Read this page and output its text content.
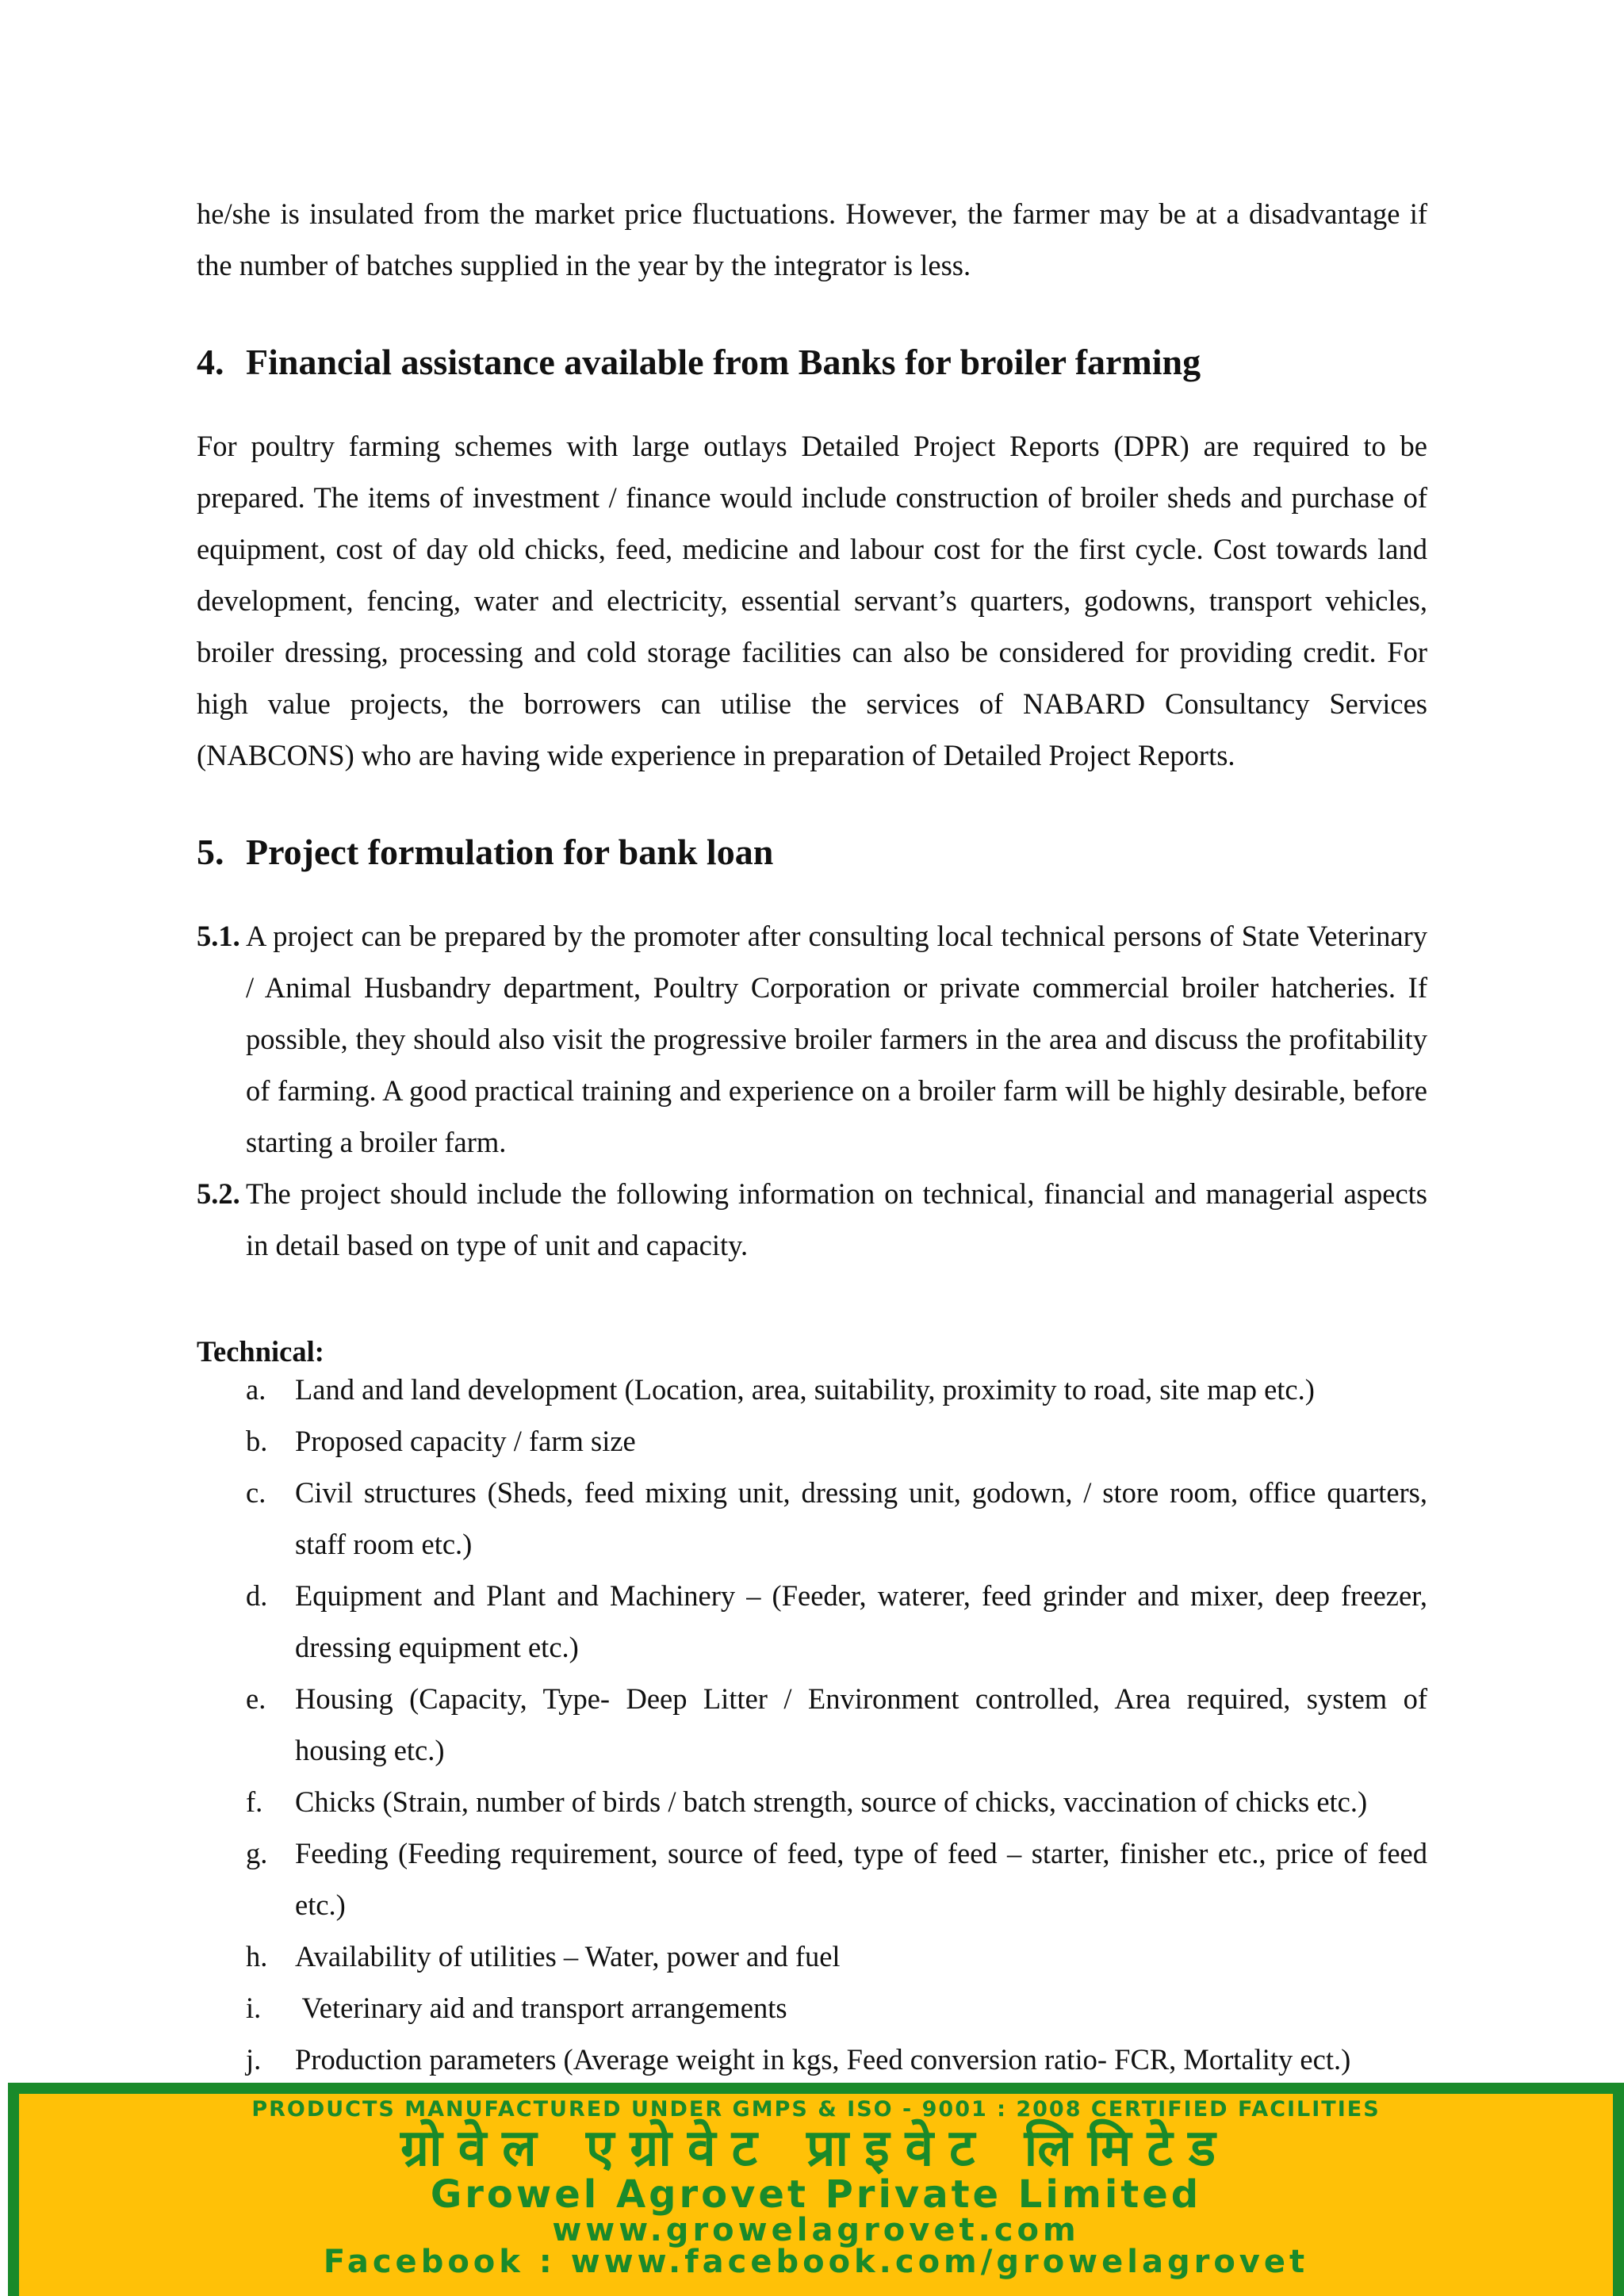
he/she is insulated from the market price fluctuations. However, the farmer may be at a disadvantage if the number of batches supplied in the year by the integrator is less.

4. Financial assistance available from Banks for broiler farming

For poultry farming schemes with large outlays Detailed Project Reports (DPR) are required to be prepared. The items of investment / finance would include construction of broiler sheds and purchase of equipment, cost of day old chicks, feed, medicine and labour cost for the first cycle. Cost towards land development, fencing, water and electricity, essential servant’s quarters, godowns, transport vehicles, broiler dressing, processing and cold storage facilities can also be considered for providing credit. For high value projects, the borrowers can utilise the services of NABARD Consultancy Services (NABCONS) who are having wide experience in preparation of Detailed Project Reports.

5. Project formulation for bank loan
5.1. A project can be prepared by the promoter after consulting local technical persons of State Veterinary / Animal Husbandry department, Poultry Corporation or private commercial broiler hatcheries. If possible, they should also visit the progressive broiler farmers in the area and discuss the profitability of farming. A good practical training and experience on a broiler farm will be highly desirable, before starting a broiler farm.
5.2. The project should include the following information on technical, financial and managerial aspects in detail based on type of unit and capacity.

Technical:

a. Land and land development (Location, area, suitability, proximity to road, site map etc.)
b. Proposed capacity / farm size
c. Civil structures (Sheds, feed mixing unit, dressing unit, godown, / store room, office quarters, staff room etc.)
d. Equipment and Plant and Machinery – (Feeder, waterer, feed grinder and mixer, deep freezer, dressing equipment etc.)
e. Housing (Capacity, Type- Deep Litter / Environment controlled, Area required, system of housing etc.)
f. Chicks (Strain, number of birds / batch strength, source of chicks, vaccination of chicks etc.)
g. Feeding (Feeding requirement, source of feed, type of feed – starter, finisher etc., price of feed etc.)
h. Availability of utilities – Water, power and fuel
i. Veterinary aid and transport arrangements
j. Production parameters (Average weight in kgs, Feed conversion ratio- FCR, Mortality ect.)
PRODUCTS MANUFACTURED UNDER GMPS & ISO - 9001 : 2008 CERTIFIED FACILITIES
ग्रोवेल एग्रोवेट प्राइवेट लिमिटेड
Growel Agrovet Private Limited
www.growelagrovet.com
Facebook : www.facebook.com/growelagrovet
